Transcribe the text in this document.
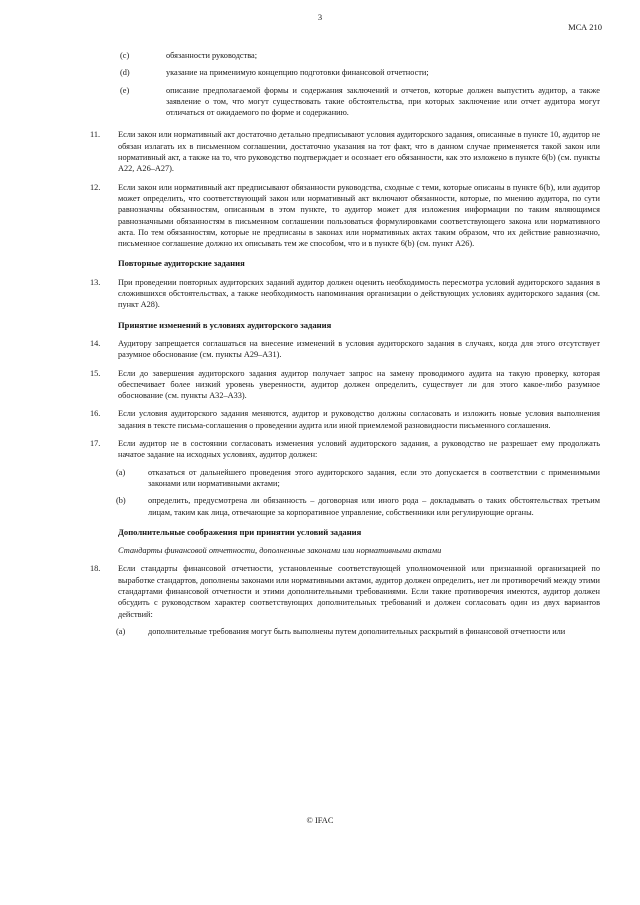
3
МСА 210
(c)	обязанности руководства;
(d)	указание на применимую концепцию подготовки финансовой отчетности;
(e)	описание предполагаемой формы и содержания заключений и отчетов, которые должен выпустить аудитор, а также заявление о том, что могут существовать такие обстоятельства, при которых заключение или отчет аудитора могут отличаться от ожидаемого по форме и содержанию.
11. Если закон или нормативный акт достаточно детально предписывают условия аудиторского задания, описанные в пункте 10, аудитор не обязан излагать их в письменном соглашении, достаточно указания на тот факт, что в данном случае применяется такой закон или нормативный акт, а также на то, что руководство подтверждает и осознает его обязанности, как это изложено в пункте 6(b) (см. пункты А22, А26–А27).
12. Если закон или нормативный акт предписывают обязанности руководства, сходные с теми, которые описаны в пункте 6(b), или аудитор может определить, что соответствующий закон или нормативный акт включают обязанности, которые, по мнению аудитора, по сути равнозначны обязанностям, описанным в этом пункте, то аудитор может для изложения информации по таким являющимся равнозначными обязанностям в письменном соглашении пользоваться формулировками соответствующего закона или нормативного акта. По тем обязанностям, которые не предписаны в законах или нормативных актах таким образом, что их действие равнозначно, письменное соглашение должно их описывать тем же способом, что и в пункте 6(b) (см. пункт А26).
Повторные аудиторские задания
13. При проведении повторных аудиторских заданий аудитор должен оценить необходимость пересмотра условий аудиторского задания в сложившихся обстоятельствах, а также необходимость напоминания организации о действующих условиях аудиторского задания (см. пункт А28).
Принятие изменений в условиях аудиторского задания
14. Аудитору запрещается соглашаться на внесение изменений в условия аудиторского задания в случаях, когда для этого отсутствует разумное обоснование (см. пункты А29–А31).
15. Если до завершения аудиторского задания аудитор получает запрос на замену проводимого аудита на такую проверку, которая обеспечивает более низкий уровень уверенности, аудитор должен определить, существует ли для этого какое-либо разумное обоснование (см. пункты А32–А33).
16. Если условия аудиторского задания меняются, аудитор и руководство должны согласовать и изложить новые условия выполнения задания в тексте письма-соглашения о проведении аудита или иной приемлемой разновидности письменного соглашения.
17. Если аудитор не в состоянии согласовать изменения условий аудиторского задания, а руководство не разрешает ему продолжать начатое задание на исходных условиях, аудитор должен:
(a)	отказаться от дальнейшего проведения этого аудиторского задания, если это допускается в соответствии с применимыми законами или нормативными актами;
(b)	определить, предусмотрена ли обязанность – договорная или иного рода – докладывать о таких обстоятельствах третьим лицам, таким как лица, отвечающие за корпоративное управление, собственники или регулирующие органы.
Дополнительные соображения при принятии условий задания
Стандарты финансовой отчетности, дополненные законами или нормативными актами
18. Если стандарты финансовой отчетности, установленные соответствующей уполномоченной или признанной организацией по выработке стандартов, дополнены законами или нормативными актами, аудитор должен определить, нет ли противоречий между этими стандартами финансовой отчетности и этими дополнительными требованиями. Если такие противоречия имеются, аудитор должен обсудить с руководством характер соответствующих дополнительных требований и должен согласовать один из двух вариантов действий:
(a)	дополнительные требования могут быть выполнены путем дополнительных раскрытий в финансовой отчетности или
© IFAC
